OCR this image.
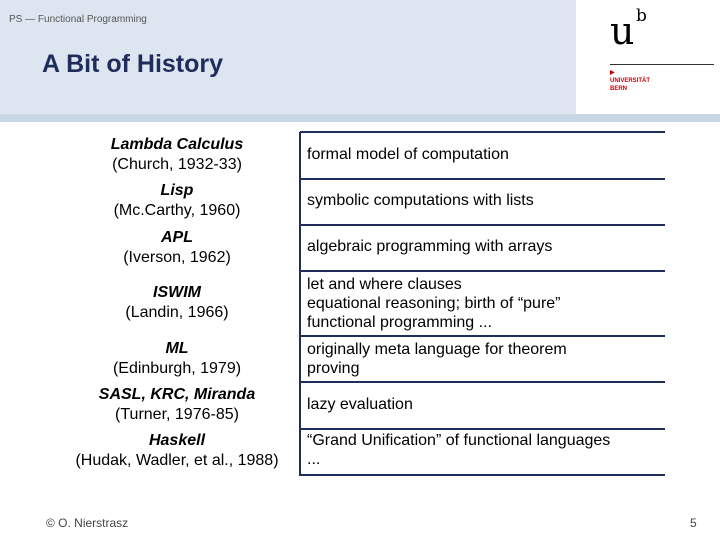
PS — Functional Programming
A Bit of History
u b
▶
UNIVERSITÄT
BERN
Lambda Calculus
(Church, 1932-33)
formal model of computation
Lisp
(Mc.Carthy, 1960)
symbolic computations with lists
APL
(Iverson, 1962)
algebraic programming with arrays
ISWIM
(Landin, 1966)
let and where clauses
equational reasoning; birth of “pure”
functional programming ...
ML
(Edinburgh, 1979)
originally meta language for theorem
proving
SASL, KRC, Miranda
(Turner, 1976-85)
lazy evaluation
Haskell
(Hudak, Wadler, et al., 1988)
“Grand Unification” of functional languages
...
© O. Nierstrasz	5
